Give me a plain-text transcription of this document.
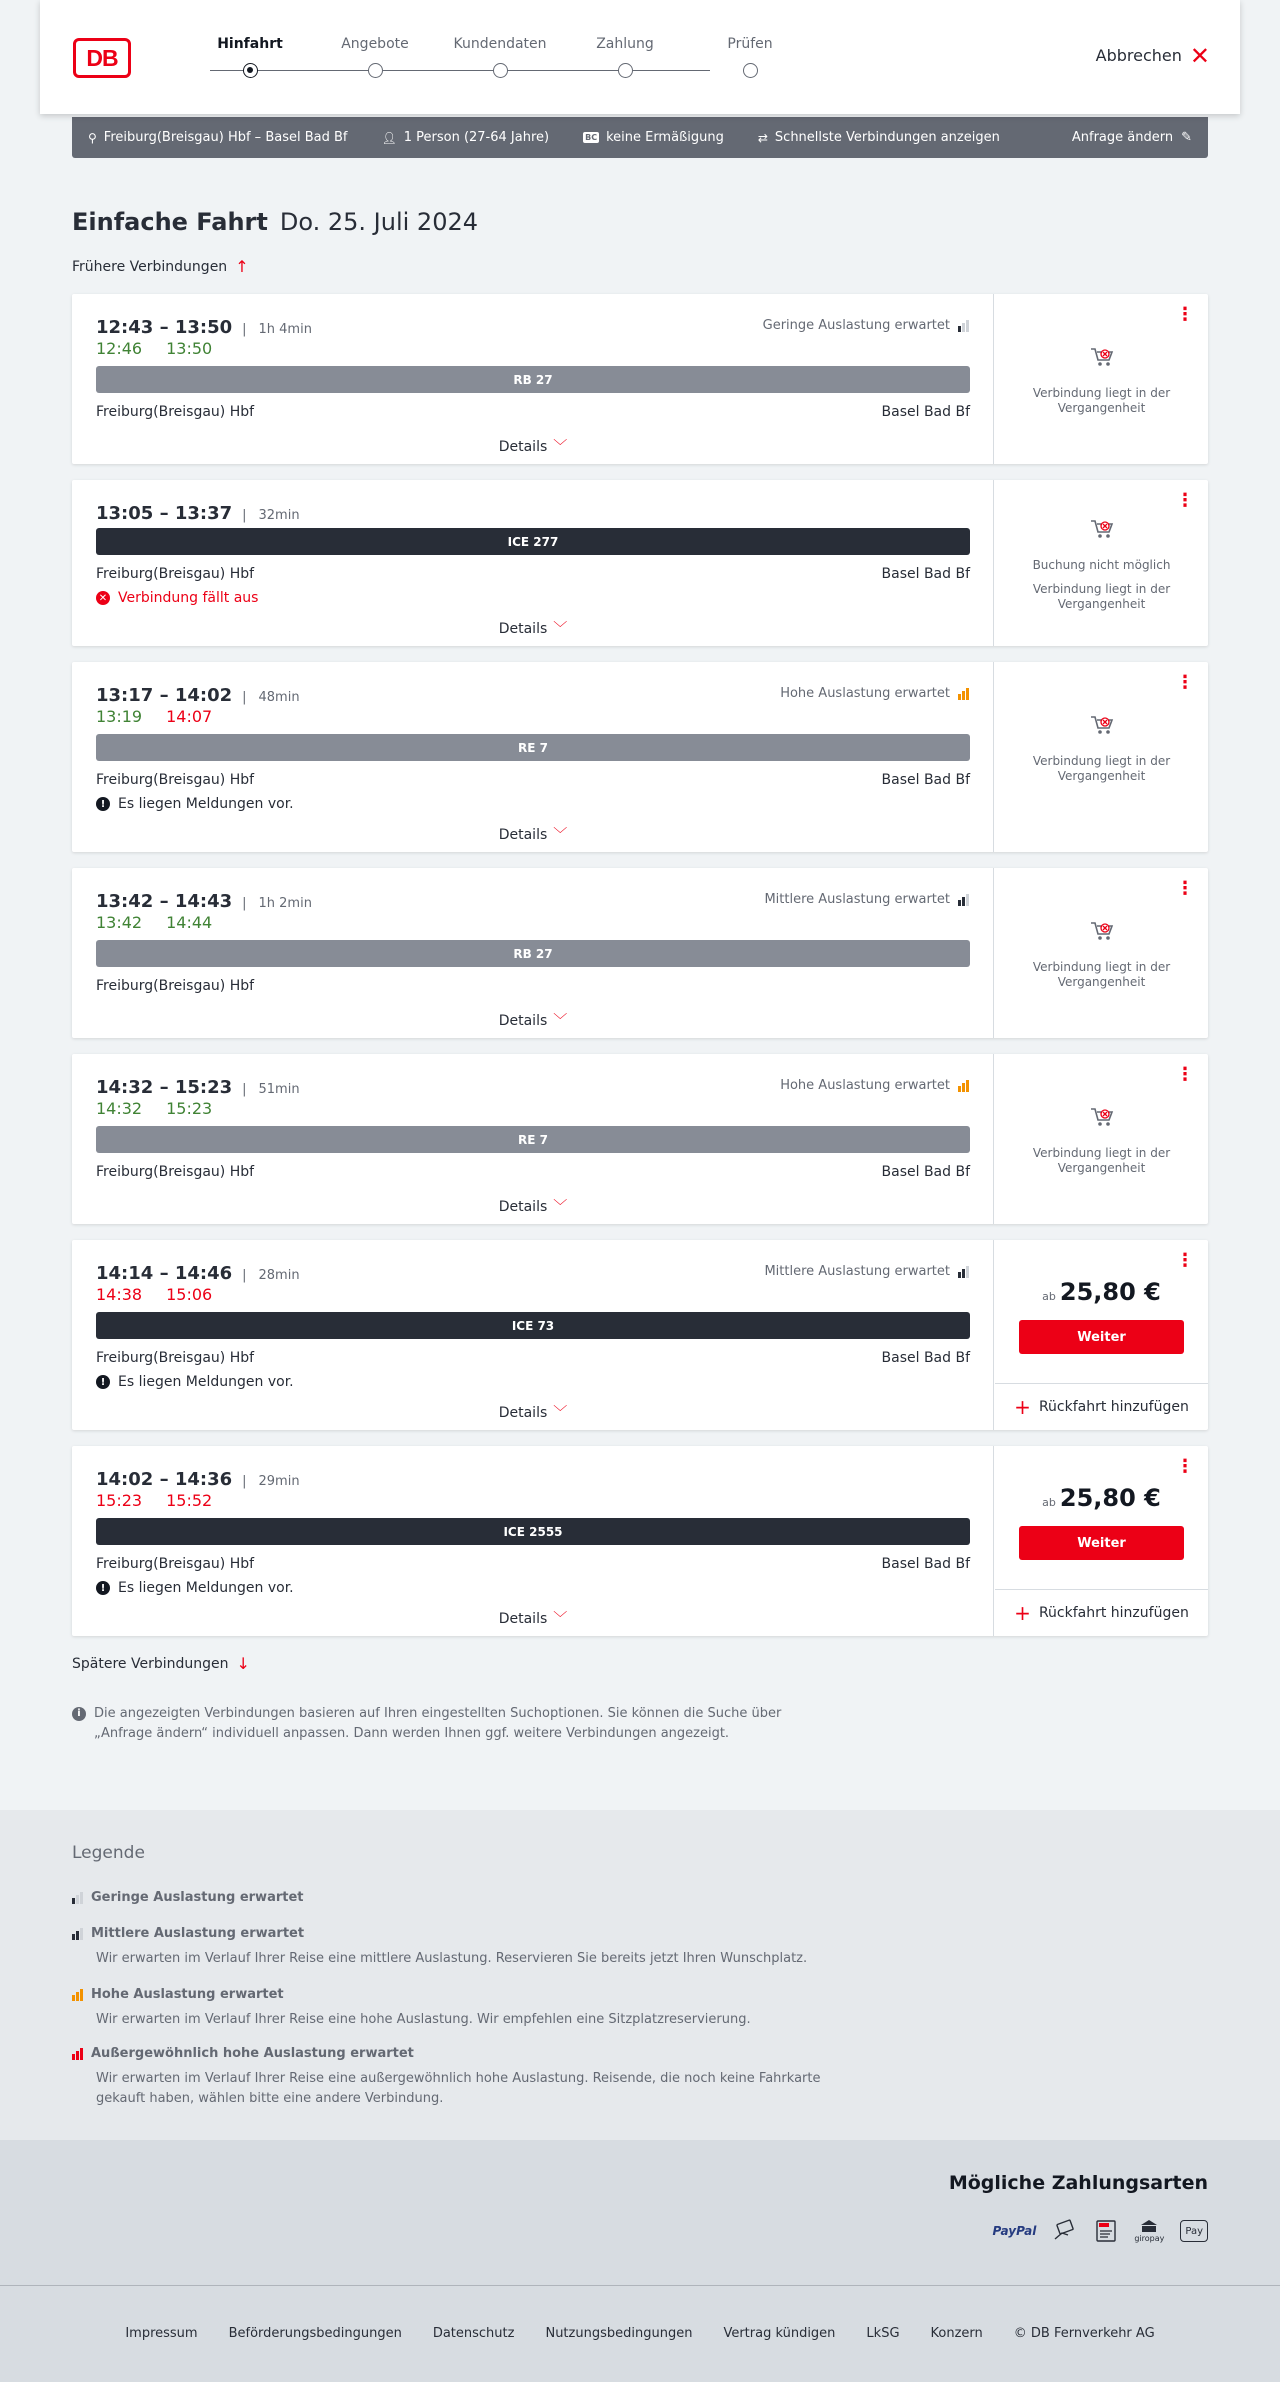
DB
Hinfahrt	Angebote	Kundendaten	Zahlung	Prüfen
Abbrechen ✕
⚲ Freiburg(Breisgau) Hbf – Basel Bad Bf	👤︎ 1 Person (27-64 Jahre)	BC keine Ermäßigung	⇄ Schnellste Verbindungen anzeigen	Anfrage ändern ✎
Einfache Fahrt Do. 25. Juli 2024
Frühere Verbindungen ↑
12:43 – 13:50	| 1h 4min
12:46 13:50
Geringe Auslastung erwartet
RB 27
Freiburg(Breisgau) Hbf	Basel Bad Bf
Details ﹀
⋮
Verbindung liegt in der Vergangenheit
13:05 – 13:37	| 32min
ICE 277
Freiburg(Breisgau) Hbf	Basel Bad Bf
✕ Verbindung fällt aus
Details ﹀
⋮
Buchung nicht möglich
Verbindung liegt in der Vergangenheit
13:17 – 14:02	| 48min
13:19 14:07
Hohe Auslastung erwartet
RE 7
Freiburg(Breisgau) Hbf	Basel Bad Bf
! Es liegen Meldungen vor.
Details ﹀
⋮
Verbindung liegt in der Vergangenheit
13:42 – 14:43	| 1h 2min
13:42 14:44
Mittlere Auslastung erwartet
RB 27
Freiburg(Breisgau) Hbf
Details ﹀
⋮
Verbindung liegt in der Vergangenheit
14:32 – 15:23	| 51min
14:32 15:23
Hohe Auslastung erwartet
RE 7
Freiburg(Breisgau) Hbf	Basel Bad Bf
Details ﹀
⋮
Verbindung liegt in der Vergangenheit
14:14 – 14:46	| 28min
14:38 15:06
Mittlere Auslastung erwartet
ICE 73
Freiburg(Breisgau) Hbf	Basel Bad Bf
! Es liegen Meldungen vor.
Details ﹀
⋮
ab 25,80 €
Weiter
+ Rückfahrt hinzufügen
14:02 – 14:36	| 29min
15:23 15:52
ICE 2555
Freiburg(Breisgau) Hbf	Basel Bad Bf
! Es liegen Meldungen vor.
Details ﹀
⋮
ab 25,80 €
Weiter
+ Rückfahrt hinzufügen
Spätere Verbindungen ↓
i	Die angezeigten Verbindungen basieren auf Ihren eingestellten Suchoptionen. Sie können die Suche über „Anfrage ändern“ individuell anpassen. Dann werden Ihnen ggf. weitere Verbindungen angezeigt.
Legende
Geringe Auslastung erwartet
Mittlere Auslastung erwartet
Wir erwarten im Verlauf Ihrer Reise eine mittlere Auslastung. Reservieren Sie bereits jetzt Ihren Wunschplatz.
Hohe Auslastung erwartet
Wir erwarten im Verlauf Ihrer Reise eine hohe Auslastung. Wir empfehlen eine Sitzplatzreservierung.
Außergewöhnlich hohe Auslastung erwartet
Wir erwarten im Verlauf Ihrer Reise eine außergewöhnlich hohe Auslastung. Reisende, die noch keine Fahrkarte gekauft haben, wählen bitte eine andere Verbindung.
Mögliche Zahlungsarten
PayPal
giropay
Pay
Impressum Beförderungsbedingungen Datenschutz Nutzungsbedingungen Vertrag kündigen LkSG Konzern © DB Fernverkehr AG
